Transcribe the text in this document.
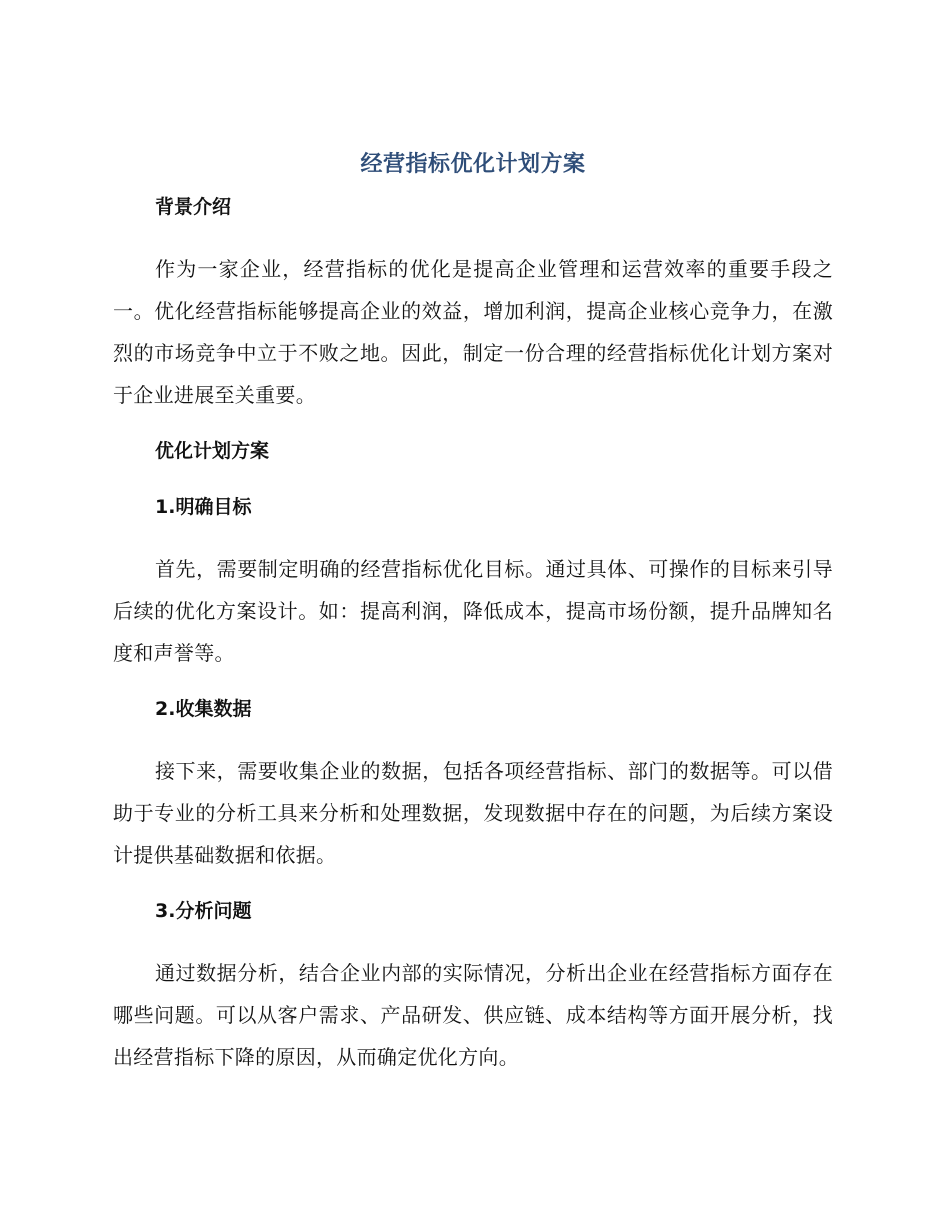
经营指标优化计划方案
背景介绍

作为一家企业，经营指标的优化是提高企业管理和运营效率的重要手段之一。优化经营指标能够提高企业的效益，增加利润，提高企业核心竞争力，在激烈的市场竞争中立于不败之地。因此，制定一份合理的经营指标优化计划方案对于企业进展至关重要。

优化计划方案
1.明确目标

首先，需要制定明确的经营指标优化目标。通过具体、可操作的目标来引导后续的优化方案设计。如：提高利润，降低成本，提高市场份额，提升品牌知名度和声誉等。

2.收集数据

接下来，需要收集企业的数据，包括各项经营指标、部门的数据等。可以借助于专业的分析工具来分析和处理数据，发现数据中存在的问题，为后续方案设计提供基础数据和依据。

3.分析问题

通过数据分析，结合企业内部的实际情况，分析出企业在经营指标方面存在哪些问题。可以从客户需求、产品研发、供应链、成本结构等方面开展分析，找出经营指标下降的原因，从而确定优化方向。
